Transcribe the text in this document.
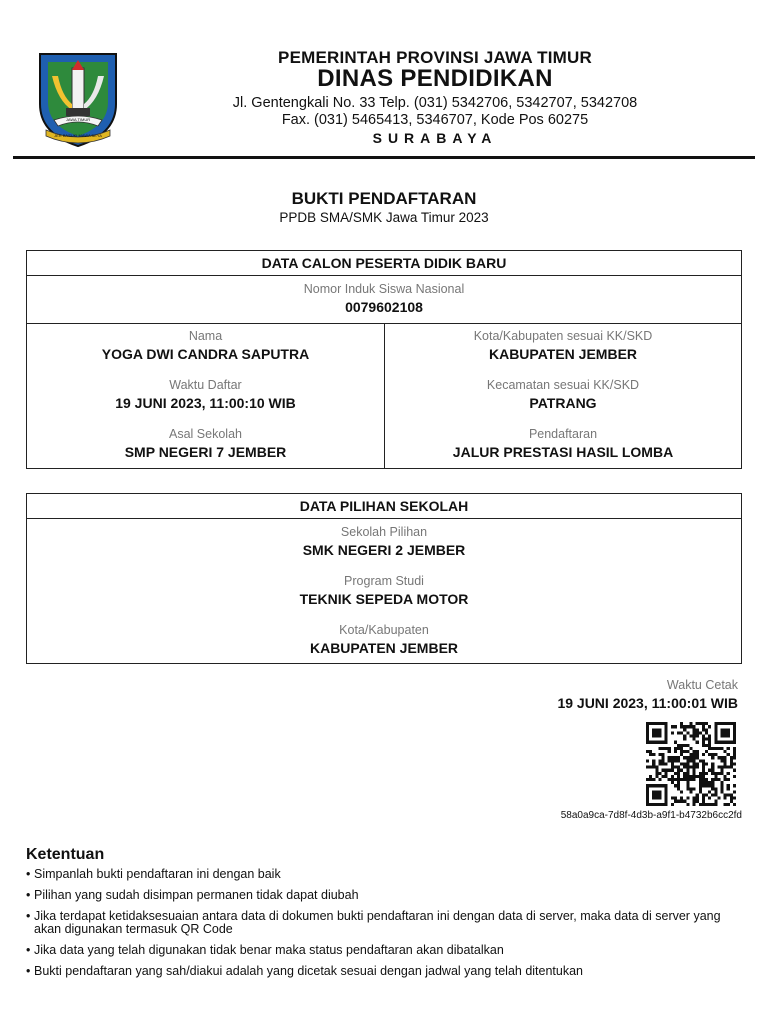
JAWA TIMUR
JER BASUKI MAWA BEYA
PEMERINTAH PROVINSI JAWA TIMUR
DINAS PENDIDIKAN
Jl. Gentengkali No. 33 Telp. (031) 5342706, 5342707, 5342708
Fax. (031) 5465413, 5346707, Kode Pos 60275
SURABAYA
BUKTI PENDAFTARAN
PPDB SMA/SMK Jawa Timur 2023
DATA CALON PESERTA DIDIK BARU
Nomor Induk Siswa Nasional
0079602108
Nama
YOGA DWI CANDRA SAPUTRA
Waktu Daftar
19 JUNI 2023, 11:00:10 WIB
Asal Sekolah
SMP NEGERI 7 JEMBER
Kota/Kabupaten sesuai KK/SKD
KABUPATEN JEMBER
Kecamatan sesuai KK/SKD
PATRANG
Pendaftaran
JALUR PRESTASI HASIL LOMBA
DATA PILIHAN SEKOLAH
Sekolah Pilihan
SMK NEGERI 2 JEMBER
Program Studi
TEKNIK SEPEDA MOTOR
Kota/Kabupaten
KABUPATEN JEMBER
Waktu Cetak
19 JUNI 2023, 11:00:01 WIB
58a0a9ca-7d8f-4d3b-a9f1-b4732b6cc2fd
Ketentuan
• Simpanlah bukti pendaftaran ini dengan baik
• Pilihan yang sudah disimpan permanen tidak dapat diubah
• Jika terdapat ketidaksesuaian antara data di dokumen bukti pendaftaran ini dengan data di server, maka data di server yang akan digunakan termasuk QR Code
• Jika data yang telah digunakan tidak benar maka status pendaftaran akan dibatalkan
• Bukti pendaftaran yang sah/diakui adalah yang dicetak sesuai dengan jadwal yang telah ditentukan
